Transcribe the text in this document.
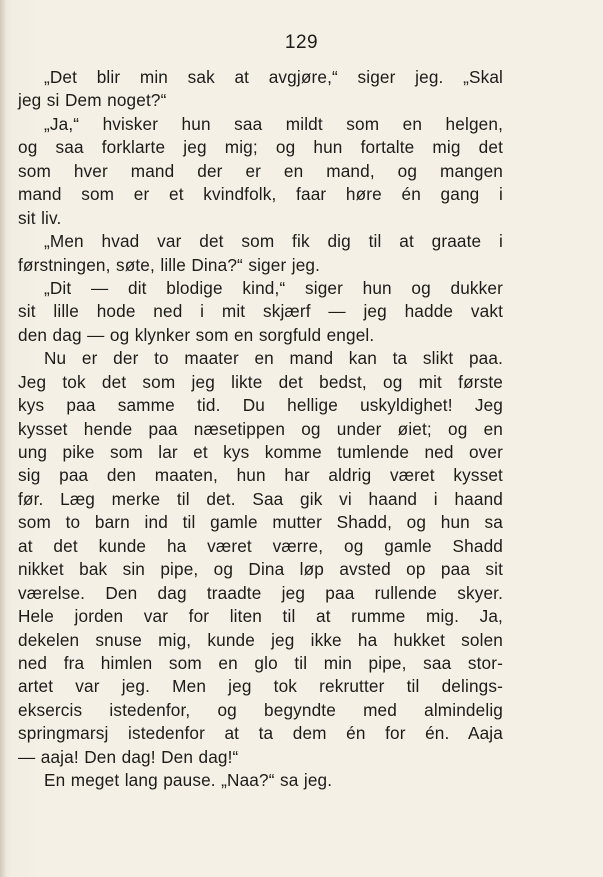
129
„Det blir min sak at avgjøre,“ siger jeg. „Skal
jeg si Dem noget?“
„Ja,“ hvisker hun saa mildt som en helgen,
og saa forklarte jeg mig; og hun fortalte mig det
som hver mand der er en mand, og mangen
mand som er et kvindfolk, faar høre én gang i
sit liv.
„Men hvad var det som fik dig til at graate i
førstningen, søte, lille Dina?“ siger jeg.
„Dit — dit blodige kind,“ siger hun og dukker
sit lille hode ned i mit skjærf — jeg hadde vakt
den dag — og klynker som en sorgfuld engel.
Nu er der to maater en mand kan ta slikt paa.
Jeg tok det som jeg likte det bedst, og mit første
kys paa samme tid. Du hellige uskyldighet! Jeg
kysset hende paa næsetippen og under øiet; og en
ung pike som lar et kys komme tumlende ned over
sig paa den maaten, hun har aldrig været kysset
før. Læg merke til det. Saa gik vi haand i haand
som to barn ind til gamle mutter Shadd, og hun sa
at det kunde ha været værre, og gamle Shadd
nikket bak sin pipe, og Dina løp avsted op paa sit
værelse. Den dag traadte jeg paa rullende skyer.
Hele jorden var for liten til at rumme mig. Ja,
dekelen snuse mig, kunde jeg ikke ha hukket solen
ned fra himlen som en glo til min pipe, saa stor-
artet var jeg. Men jeg tok rekrutter til delings-
eksercis istedenfor, og begyndte med almindelig
springmarsj istedenfor at ta dem én for én. Aaja
— aaja! Den dag! Den dag!“
En meget lang pause. „Naa?“ sa jeg.
